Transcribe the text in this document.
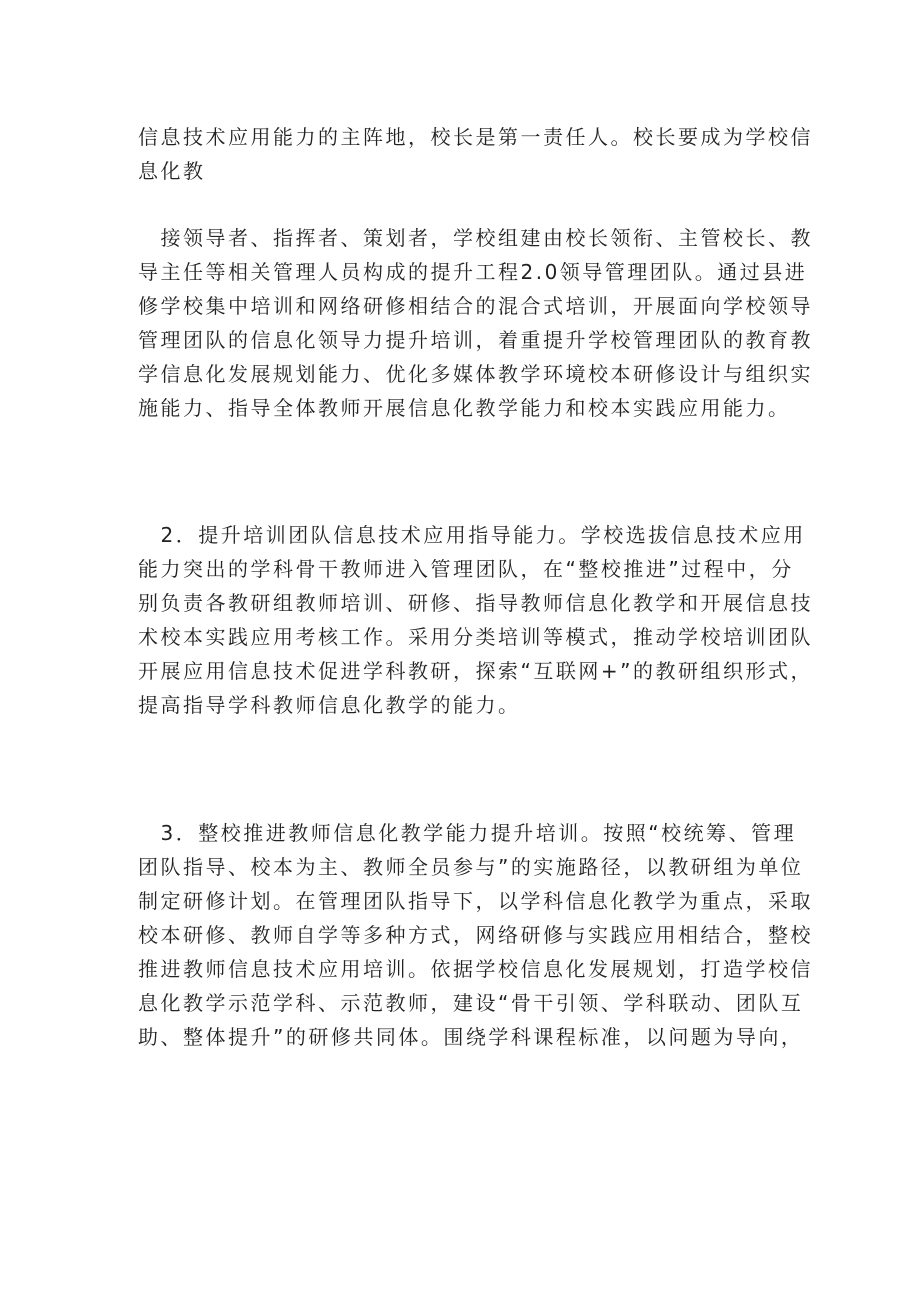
信息技术应用能力的主阵地，校长是第一责任人。校长要成为学校信
息化教
　接领导者、指挥者、策划者，学校组建由校长领衔、主管校长、教
导主任等相关管理人员构成的提升工程2.0领导管理团队。通过县进
修学校集中培训和网络研修相结合的混合式培训，开展面向学校领导
管理团队的信息化领导力提升培训，着重提升学校管理团队的教育教
学信息化发展规划能力、优化多媒体教学环境校本研修设计与组织实
施能力、指导全体教师开展信息化教学能力和校本实践应用能力。
　2．提升培训团队信息技术应用指导能力。学校选拔信息技术应用
能力突出的学科骨干教师进入管理团队，在“整校推进”过程中，分
别负责各教研组教师培训、研修、指导教师信息化教学和开展信息技
术校本实践应用考核工作。采用分类培训等模式，推动学校培训团队
开展应用信息技术促进学科教研，探索“互联网+”的教研组织形式，
提高指导学科教师信息化教学的能力。
　3．整校推进教师信息化教学能力提升培训。按照“校统筹、管理
团队指导、校本为主、教师全员参与”的实施路径，以教研组为单位
制定研修计划。在管理团队指导下，以学科信息化教学为重点，采取
校本研修、教师自学等多种方式，网络研修与实践应用相结合，整校
推进教师信息技术应用培训。依据学校信息化发展规划，打造学校信
息化教学示范学科、示范教师，建设“骨干引领、学科联动、团队互
助、整体提升”的研修共同体。围绕学科课程标准，以问题为导向，
